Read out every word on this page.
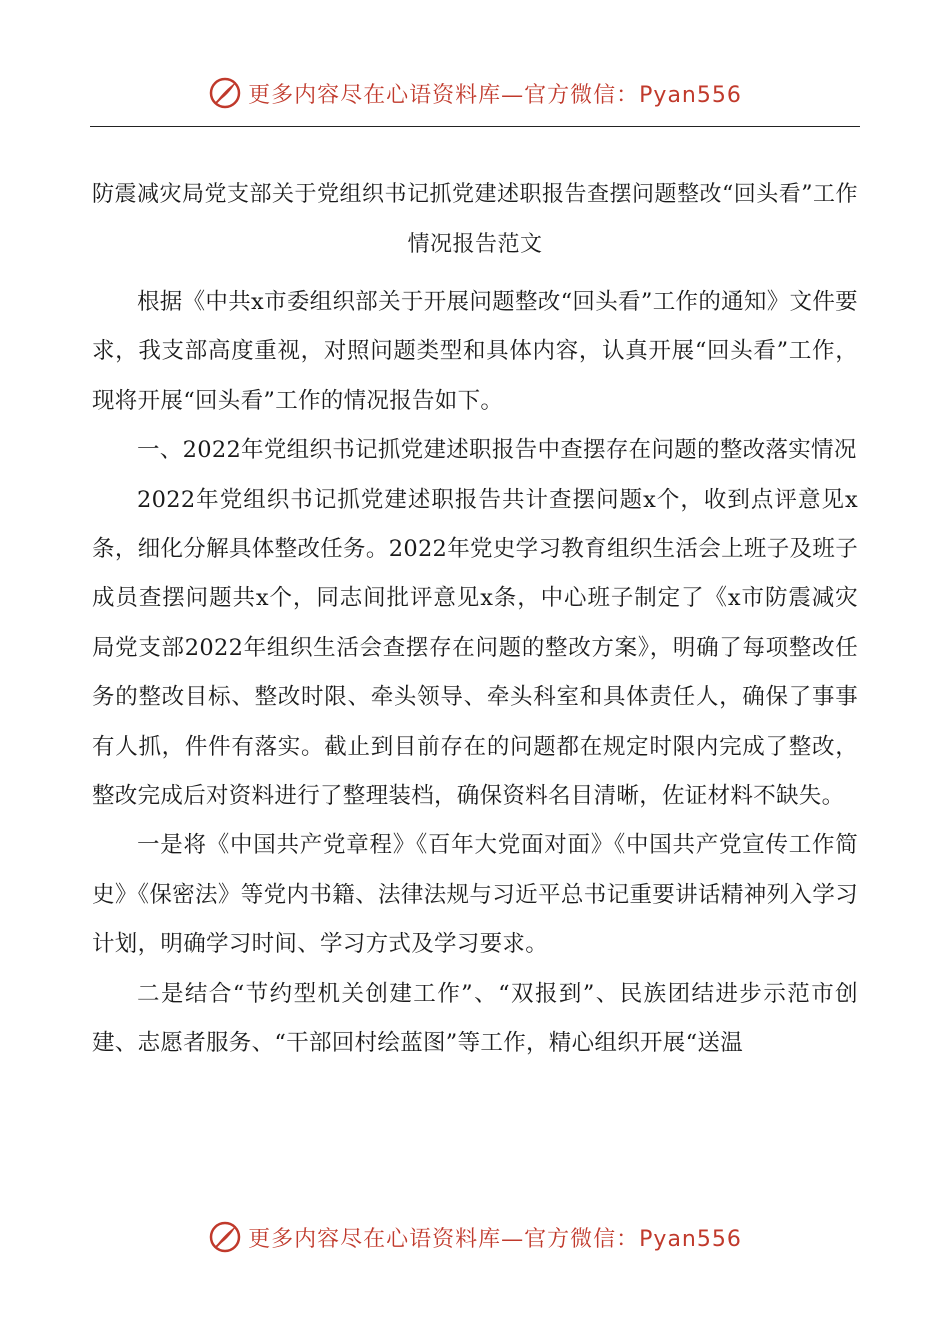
更多内容尽在心语资料库—官方微信：Pyan556
防震减灾局党支部关于党组织书记抓党建述职报告查摆问题整改“回头看”工作情况报告范文

根据《中共x市委组织部关于开展问题整改“回头看”工作的通知》文件要求，我支部高度重视，对照问题类型和具体内容，认真开展“回头看”工作，现将开展“回头看”工作的情况报告如下。

一、2022年党组织书记抓党建述职报告中查摆存在问题的整改落实情况

2022年党组织书记抓党建述职报告共计查摆问题x个，收到点评意见x条，细化分解具体整改任务。2022年党史学习教育组织生活会上班子及班子成员查摆问题共x个，同志间批评意见x条，中心班子制定了《x市防震减灾局党支部2022年组织生活会查摆存在问题的整改方案》，明确了每项整改任务的整改目标、整改时限、牵头领导、牵头科室和具体责任人，确保了事事有人抓，件件有落实。截止到目前存在的问题都在规定时限内完成了整改，整改完成后对资料进行了整理装档，确保资料名目清晰，佐证材料不缺失。

一是将《中国共产党章程》《百年大党面对面》《中国共产党宣传工作简史》《保密法》等党内书籍、法律法规与习近平总书记重要讲话精神列入学习计划，明确学习时间、学习方式及学习要求。

二是结合“节约型机关创建工作”、“双报到”、民族团结进步示范市创建、志愿者服务、“干部回村绘蓝图”等工作，精心组织开展“送温

更多内容尽在心语资料库—官方微信：Pyan556
